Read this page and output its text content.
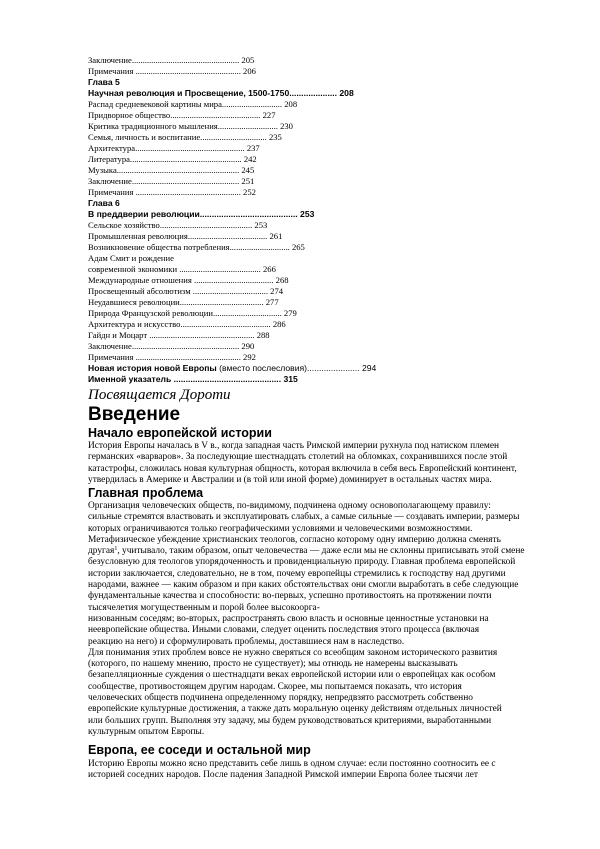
Заключение.................................................. 205
Примечания ................................................. 206
Глава 5
Научная революция и Просвещение, 1500-1750.................... 208
Распад средневековой картины мира............................ 208
Придворное общество.......................................... 227
Критика традиционного мышления............................ 230
Семья, личность и воспитание............................... 235
Архитектура................................................... 237
Литература.................................................... 242
Музыка......................................................... 245
Заключение.................................................. 251
Примечания ................................................. 252
Глава 6
В преддверии революции......................................... 253
Сельское хозяйство........................................... 253
Промышленная революция..................................... 261
Возникновение общества потребления............................ 265
Адам Смит и рождение
современной экономики ...................................... 266
Международные отношения ..................................... 268
Просвещенный абсолютизм ................................... 274
Неудавшиеся революции....................................... 277
Природа Французской революции................................ 279
Архитектура и искусство.......................................... 286
Гайдн и Моцарт ................................................. 288
Заключение.................................................. 290
Примечания ................................................. 292
Новая история новой Европы (вместо послесловия)...................... 294
Именной указатель ............................................. 315
Посвящается Дороти
Введение
Начало европейской истории
История Европы началась в V в., когда западная часть Римской империи рухнула под натиском племен
германских «варваров». За последующие шестнадцать столетий на обломках, сохранившихся после этой
катастрофы, сложилась новая культурная общность, которая включила в себя весь Европейский континент,
утвердилась в Америке и Австралии и (в той или иной форме) доминирует в остальных частях мира.
Главная проблема
Организация человеческих обществ, по-видимому, подчинена одному основополагающему правилу:
сильные стремятся властвовать и эксплуатировать слабых, а самые сильные — создавать империи, размеры
которых ограничиваются только географическими условиями и человеческими возможностями.
Метафизическое убеждение христианских теологов, согласно которому одну империю должна сменять
другая$^1$, учитывало, таким образом, опыт человечества — даже если мы не склонны приписывать этой смене
безусловную для теологов упорядоченность и провиденциальную природу. Главная проблема европейской
истории заключается, следовательно, не в том, почему европейцы стремились к господству над другими
народами, важнее — каким образом и при каких обстоятельствах они смогли выработать в себе следующие
фундаментальные качества и способности: во-первых, успешно противостоять на протяжении почти
тысячелетия могущественным и порой более высокоорга-
низованным соседям; во-вторых, распространять свою власть и основные ценностные установки на
неевропейские общества. Иными словами, следует оценить последствия этого процесса (включая
реакцию на него) и сформулировать проблемы, доставшиеся нам в наследство.
Для понимания этих проблем вовсе не нужно сверяться со всеобщим законом исторического развития
(которого, по нашему мнению, просто не существует); мы отнюдь не намерены высказывать
безапелляционные суждения о шестнадцати веках европейской истории или о европейцах как особом
сообществе, противостоящем другим народам. Скорее, мы попытаемся показать, что история
человеческих обществ подчинена определенному порядку, непредвзято рассмотреть собственно
европейские культурные достижения, а также дать моральную оценку действиям отдельных личностей
или больших групп. Выполняя эту задачу, мы будем руководствоваться критериями, выработанными
культурным опытом Европы.
Европа, ее соседи и остальной мир
Историю Европы можно ясно представить себе лишь в одном случае: если постоянно соотносить ее с
историей соседних народов. После падения Западной Римской империи Европа более тысячи лет
